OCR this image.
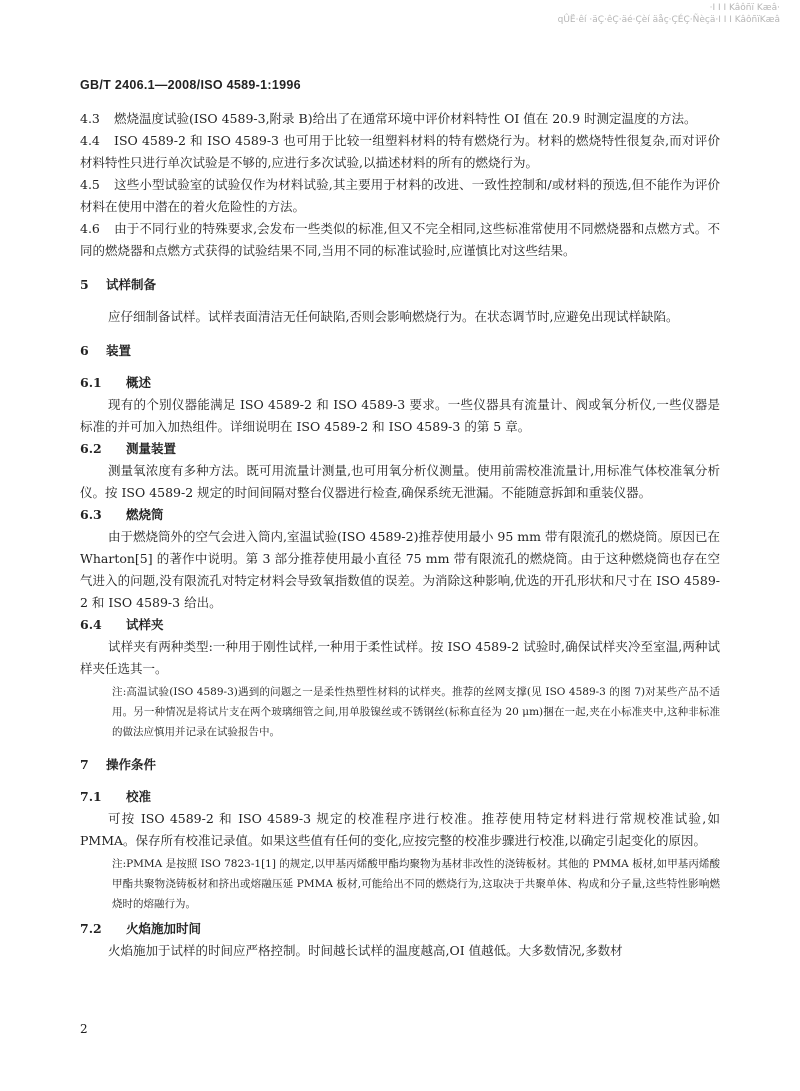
·I I I Kâôñï Kæâ·
qÛË·êí ·äÇ·êÇ·äé·Çèí äåç·ÇÉÇ·Ñèçä·I I I KâôñïKæâ
GB/T 2406.1—2008/ISO 4589-1:1996

4.3 燃烧温度试验(ISO 4589-3,附录 B)给出了在通常环境中评价材料特性 OI 值在 20.9 时测定温度的方法。

4.4 ISO 4589-2 和 ISO 4589-3 也可用于比较一组塑料材料的特有燃烧行为。材料的燃烧特性很复杂,而对评价材料特性只进行单次试验是不够的,应进行多次试验,以描述材料的所有的燃烧行为。

4.5 这些小型试验室的试验仅作为材料试验,其主要用于材料的改进、一致性控制和/或材料的预选,但不能作为评价材料在使用中潜在的着火危险性的方法。

4.6 由于不同行业的特殊要求,会发布一些类似的标准,但又不完全相同,这些标准常使用不同燃烧器和点燃方式。不同的燃烧器和点燃方式获得的试验结果不同,当用不同的标准试验时,应谨慎比对这些结果。

5 试样制备

应仔细制备试样。试样表面清洁无任何缺陷,否则会影响燃烧行为。在状态调节时,应避免出现试样缺陷。

6 装置
6.1 概述

现有的个别仪器能满足 ISO 4589-2 和 ISO 4589-3 要求。一些仪器具有流量计、阀或氧分析仪,一些仪器是标准的并可加入加热组件。详细说明在 ISO 4589-2 和 ISO 4589-3 的第 5 章。

6.2 测量装置

测量氧浓度有多种方法。既可用流量计测量,也可用氧分析仪测量。使用前需校准流量计,用标准气体校准氧分析仪。按 ISO 4589-2 规定的时间间隔对整台仪器进行检查,确保系统无泄漏。不能随意拆卸和重装仪器。

6.3 燃烧筒

由于燃烧筒外的空气会进入筒内,室温试验(ISO 4589-2)推荐使用最小 95 mm 带有限流孔的燃烧筒。原因已在 Wharton[5] 的著作中说明。第 3 部分推荐使用最小直径 75 mm 带有限流孔的燃烧筒。由于这种燃烧筒也存在空气进入的问题,没有限流孔对特定材料会导致氧指数值的误差。为消除这种影响,优选的开孔形状和尺寸在 ISO 4589-2 和 ISO 4589-3 给出。

6.4 试样夹

试样夹有两种类型:一种用于刚性试样,一种用于柔性试样。按 ISO 4589-2 试验时,确保试样夹冷至室温,两种试样夹任选其一。

注:高温试验(ISO 4589-3)遇到的问题之一是柔性热塑性材料的试样夹。推荐的丝网支撑(见 ISO 4589-3 的图 7)对某些产品不适用。另一种情况是将试片支在两个玻璃细管之间,用单股镍丝或不锈钢丝(标称直径为 20 μm)捆在一起,夹在小标准夹中,这种非标准的做法应慎用并记录在试验报告中。

7 操作条件
7.1 校准

可按 ISO 4589-2 和 ISO 4589-3 规定的校准程序进行校准。推荐使用特定材料进行常规校准试验,如 PMMA。保存所有校准记录值。如果这些值有任何的变化,应按完整的校准步骤进行校准,以确定引起变化的原因。

注:PMMA 是按照 ISO 7823-1[1] 的规定,以甲基丙烯酸甲酯均聚物为基材非改性的浇铸板材。其他的 PMMA 板材,如甲基丙烯酸甲酯共聚物浇铸板材和挤出或熔融压延 PMMA 板材,可能给出不同的燃烧行为,这取决于共聚单体、构成和分子量,这些特性影响燃烧时的熔融行为。

7.2 火焰施加时间

火焰施加于试样的时间应严格控制。时间越长试样的温度越高,OI 值越低。大多数情况,多数材

2
